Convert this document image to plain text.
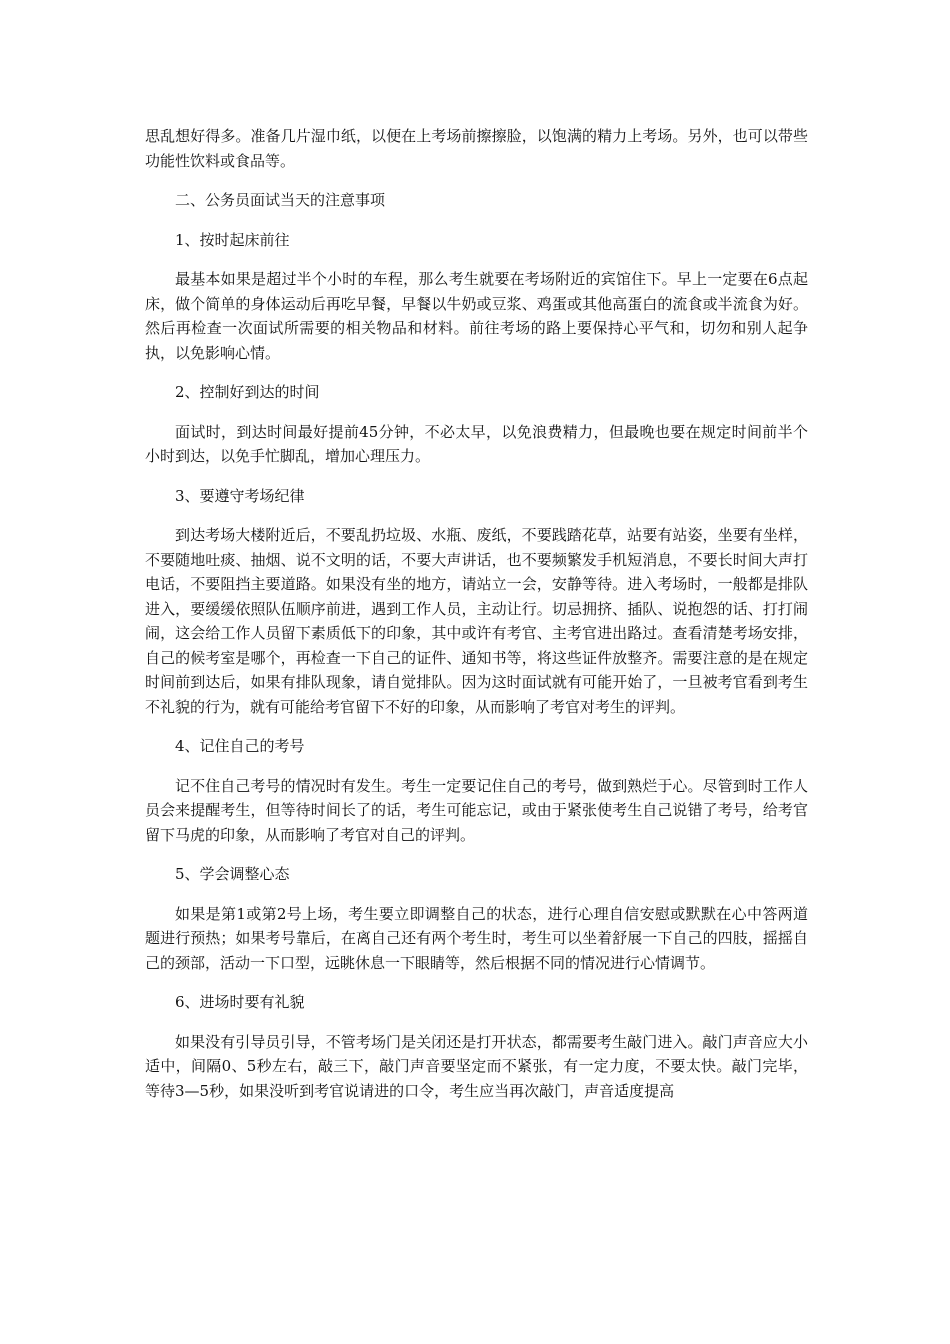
思乱想好得多。准备几片湿巾纸，以便在上考场前擦擦脸，以饱满的精力上考场。另外，也可以带些功能性饮料或食品等。

二、公务员面试当天的注意事项

1、按时起床前往

最基本如果是超过半个小时的车程，那么考生就要在考场附近的宾馆住下。早上一定要在6点起床，做个简单的身体运动后再吃早餐，早餐以牛奶或豆浆、鸡蛋或其他高蛋白的流食或半流食为好。然后再检查一次面试所需要的相关物品和材料。前往考场的路上要保持心平气和，切勿和别人起争执，以免影响心情。

2、控制好到达的时间

面试时，到达时间最好提前45分钟，不必太早，以免浪费精力，但最晚也要在规定时间前半个小时到达，以免手忙脚乱，增加心理压力。

3、要遵守考场纪律

到达考场大楼附近后，不要乱扔垃圾、水瓶、废纸，不要践踏花草，站要有站姿，坐要有坐样，不要随地吐痰、抽烟、说不文明的话，不要大声讲话，也不要频繁发手机短消息，不要长时间大声打电话，不要阻挡主要道路。如果没有坐的地方，请站立一会，安静等待。进入考场时，一般都是排队进入，要缓缓依照队伍顺序前进，遇到工作人员，主动让行。切忌拥挤、插队、说抱怨的话、打打闹闹，这会给工作人员留下素质低下的印象，其中或许有考官、主考官进出路过。查看清楚考场安排，自己的候考室是哪个，再检查一下自己的证件、通知书等，将这些证件放整齐。需要注意的是在规定时间前到达后，如果有排队现象，请自觉排队。因为这时面试就有可能开始了，一旦被考官看到考生不礼貌的行为，就有可能给考官留下不好的印象，从而影响了考官对考生的评判。

4、记住自己的考号

记不住自己考号的情况时有发生。考生一定要记住自己的考号，做到熟烂于心。尽管到时工作人员会来提醒考生，但等待时间长了的话，考生可能忘记，或由于紧张使考生自己说错了考号，给考官留下马虎的印象，从而影响了考官对自己的评判。

5、学会调整心态

如果是第1或第2号上场，考生要立即调整自己的状态，进行心理自信安慰或默默在心中答两道题进行预热；如果考号靠后，在离自己还有两个考生时，考生可以坐着舒展一下自己的四肢，摇摇自己的颈部，活动一下口型，远眺休息一下眼睛等，然后根据不同的情况进行心情调节。

6、进场时要有礼貌

如果没有引导员引导，不管考场门是关闭还是打开状态，都需要考生敲门进入。敲门声音应大小适中，间隔0、5秒左右，敲三下，敲门声音要坚定而不紧张，有一定力度，不要太快。敲门完毕，等待3—5秒，如果没听到考官说请进的口令，考生应当再次敲门，声音适度提高
